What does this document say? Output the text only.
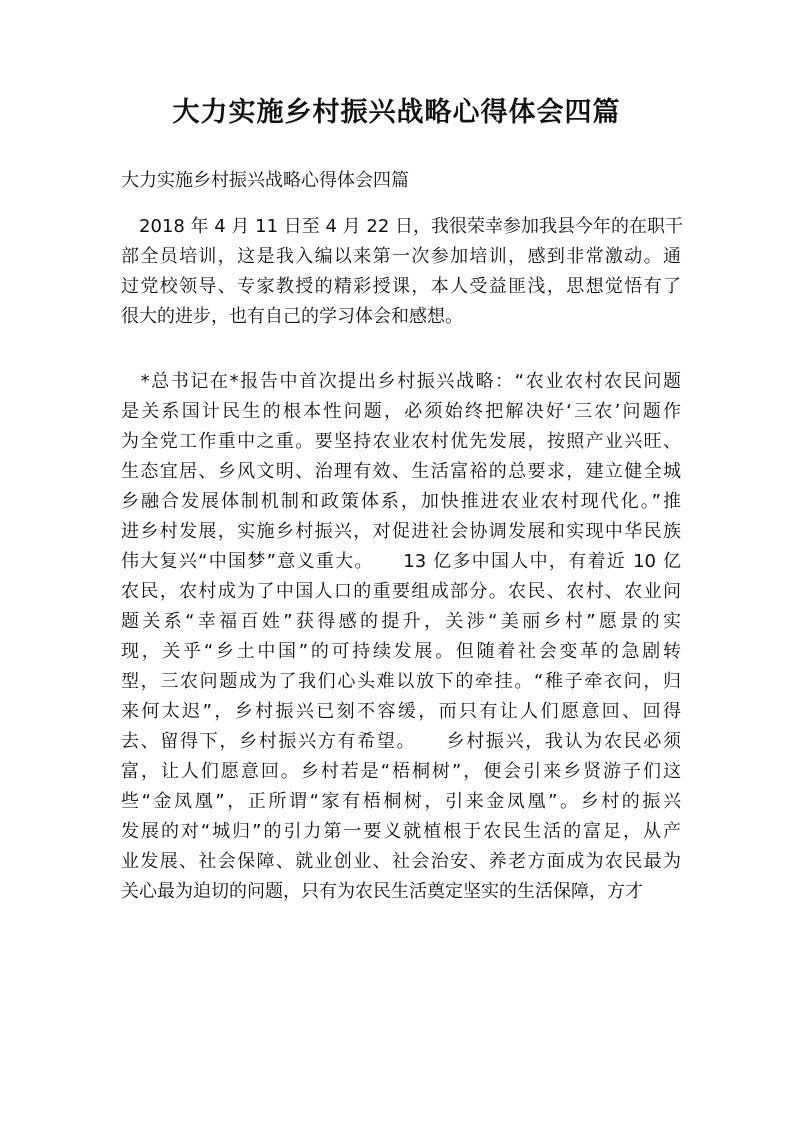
大力实施乡村振兴战略心得体会四篇

大力实施乡村振兴战略心得体会四篇

　2018 年 4 月 11 日至 4 月 22 日，我很荣幸参加我县今年的在职干
部全员培训，这是我入编以来第一次参加培训，感到非常激动。通
过党校领导、专家教授的精彩授课，本人受益匪浅，思想觉悟有了
很大的进步，也有自己的学习体会和感想。
　*总书记在*报告中首次提出乡村振兴战略：“农业农村农民问题
是关系国计民生的根本性问题，必须始终把解决好‘三农’问题作
为全党工作重中之重。要坚持农业农村优先发展，按照产业兴旺、
生态宜居、乡风文明、治理有效、生活富裕的总要求，建立健全城
乡融合发展体制机制和政策体系，加快推进农业农村现代化。”推
进乡村发展，实施乡村振兴，对促进社会协调发展和实现中华民族
伟大复兴“中国梦”意义重大。　　13 亿多中国人中，有着近 10 亿
农民，农村成为了中国人口的重要组成部分。农民、农村、农业问
题关系“幸福百姓”获得感的提升，关涉“美丽乡村”愿景的实
现，关乎“乡土中国”的可持续发展。但随着社会变革的急剧转
型，三农问题成为了我们心头难以放下的牵挂。“稚子牵衣问，归
来何太迟”，乡村振兴已刻不容缓，而只有让人们愿意回、回得
去、留得下，乡村振兴方有希望。　　乡村振兴，我认为农民必须
富，让人们愿意回。乡村若是“梧桐树”，便会引来乡贤游子们这
些“金凤凰”，正所谓“家有梧桐树，引来金凤凰”。乡村的振兴
发展的对“城归”的引力第一要义就植根于农民生活的富足，从产
业发展、社会保障、就业创业、社会治安、养老方面成为农民最为
关心最为迫切的问题，只有为农民生活奠定坚实的生活保障，方才
